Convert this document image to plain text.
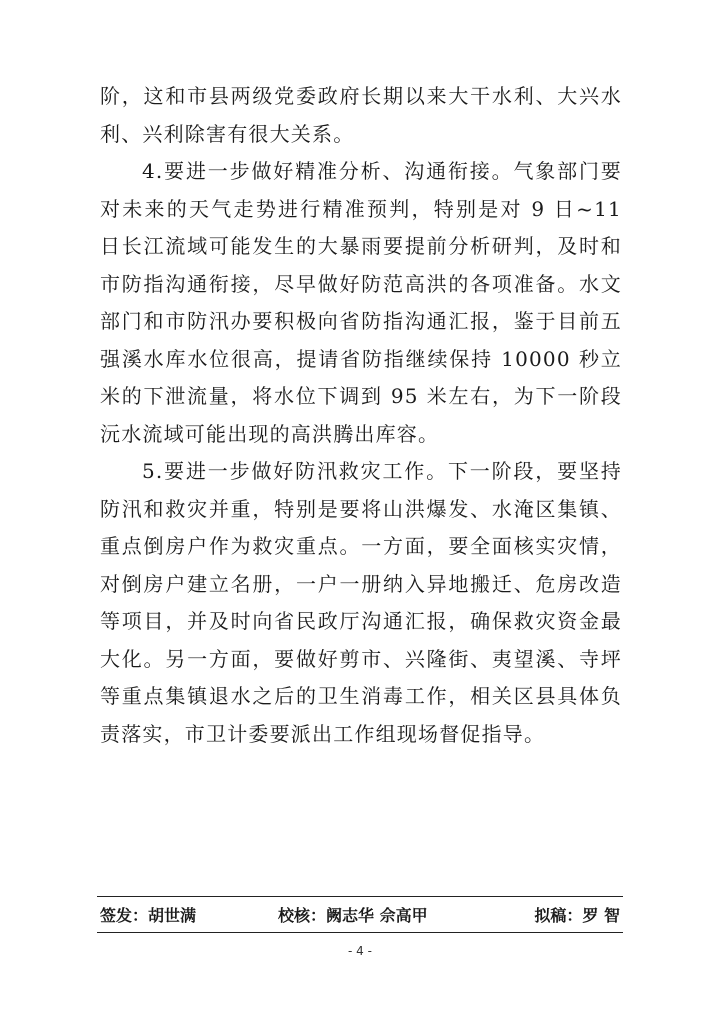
阶，这和市县两级党委政府长期以来大干水利、大兴水利、兴利除害有很大关系。

4.要进一步做好精准分析、沟通衔接。气象部门要对未来的天气走势进行精准预判，特别是对 9 日~11 日长江流域可能发生的大暴雨要提前分析研判，及时和市防指沟通衔接，尽早做好防范高洪的各项准备。水文部门和市防汛办要积极向省防指沟通汇报，鉴于目前五强溪水库水位很高，提请省防指继续保持 10000 秒立米的下泄流量，将水位下调到 95 米左右，为下一阶段沅水流域可能出现的高洪腾出库容。

5.要进一步做好防汛救灾工作。下一阶段，要坚持防汛和救灾并重，特别是要将山洪爆发、水淹区集镇、重点倒房户作为救灾重点。一方面，要全面核实灾情，对倒房户建立名册，一户一册纳入异地搬迁、危房改造等项目，并及时向省民政厅沟通汇报，确保救灾资金最大化。另一方面，要做好剪市、兴隆街、夷望溪、寺坪等重点集镇退水之后的卫生消毒工作，相关区县具体负责落实，市卫计委要派出工作组现场督促指导。

签发：胡世满	校核：阙志华 佘高甲	拟稿：罗 智
- 4 -
